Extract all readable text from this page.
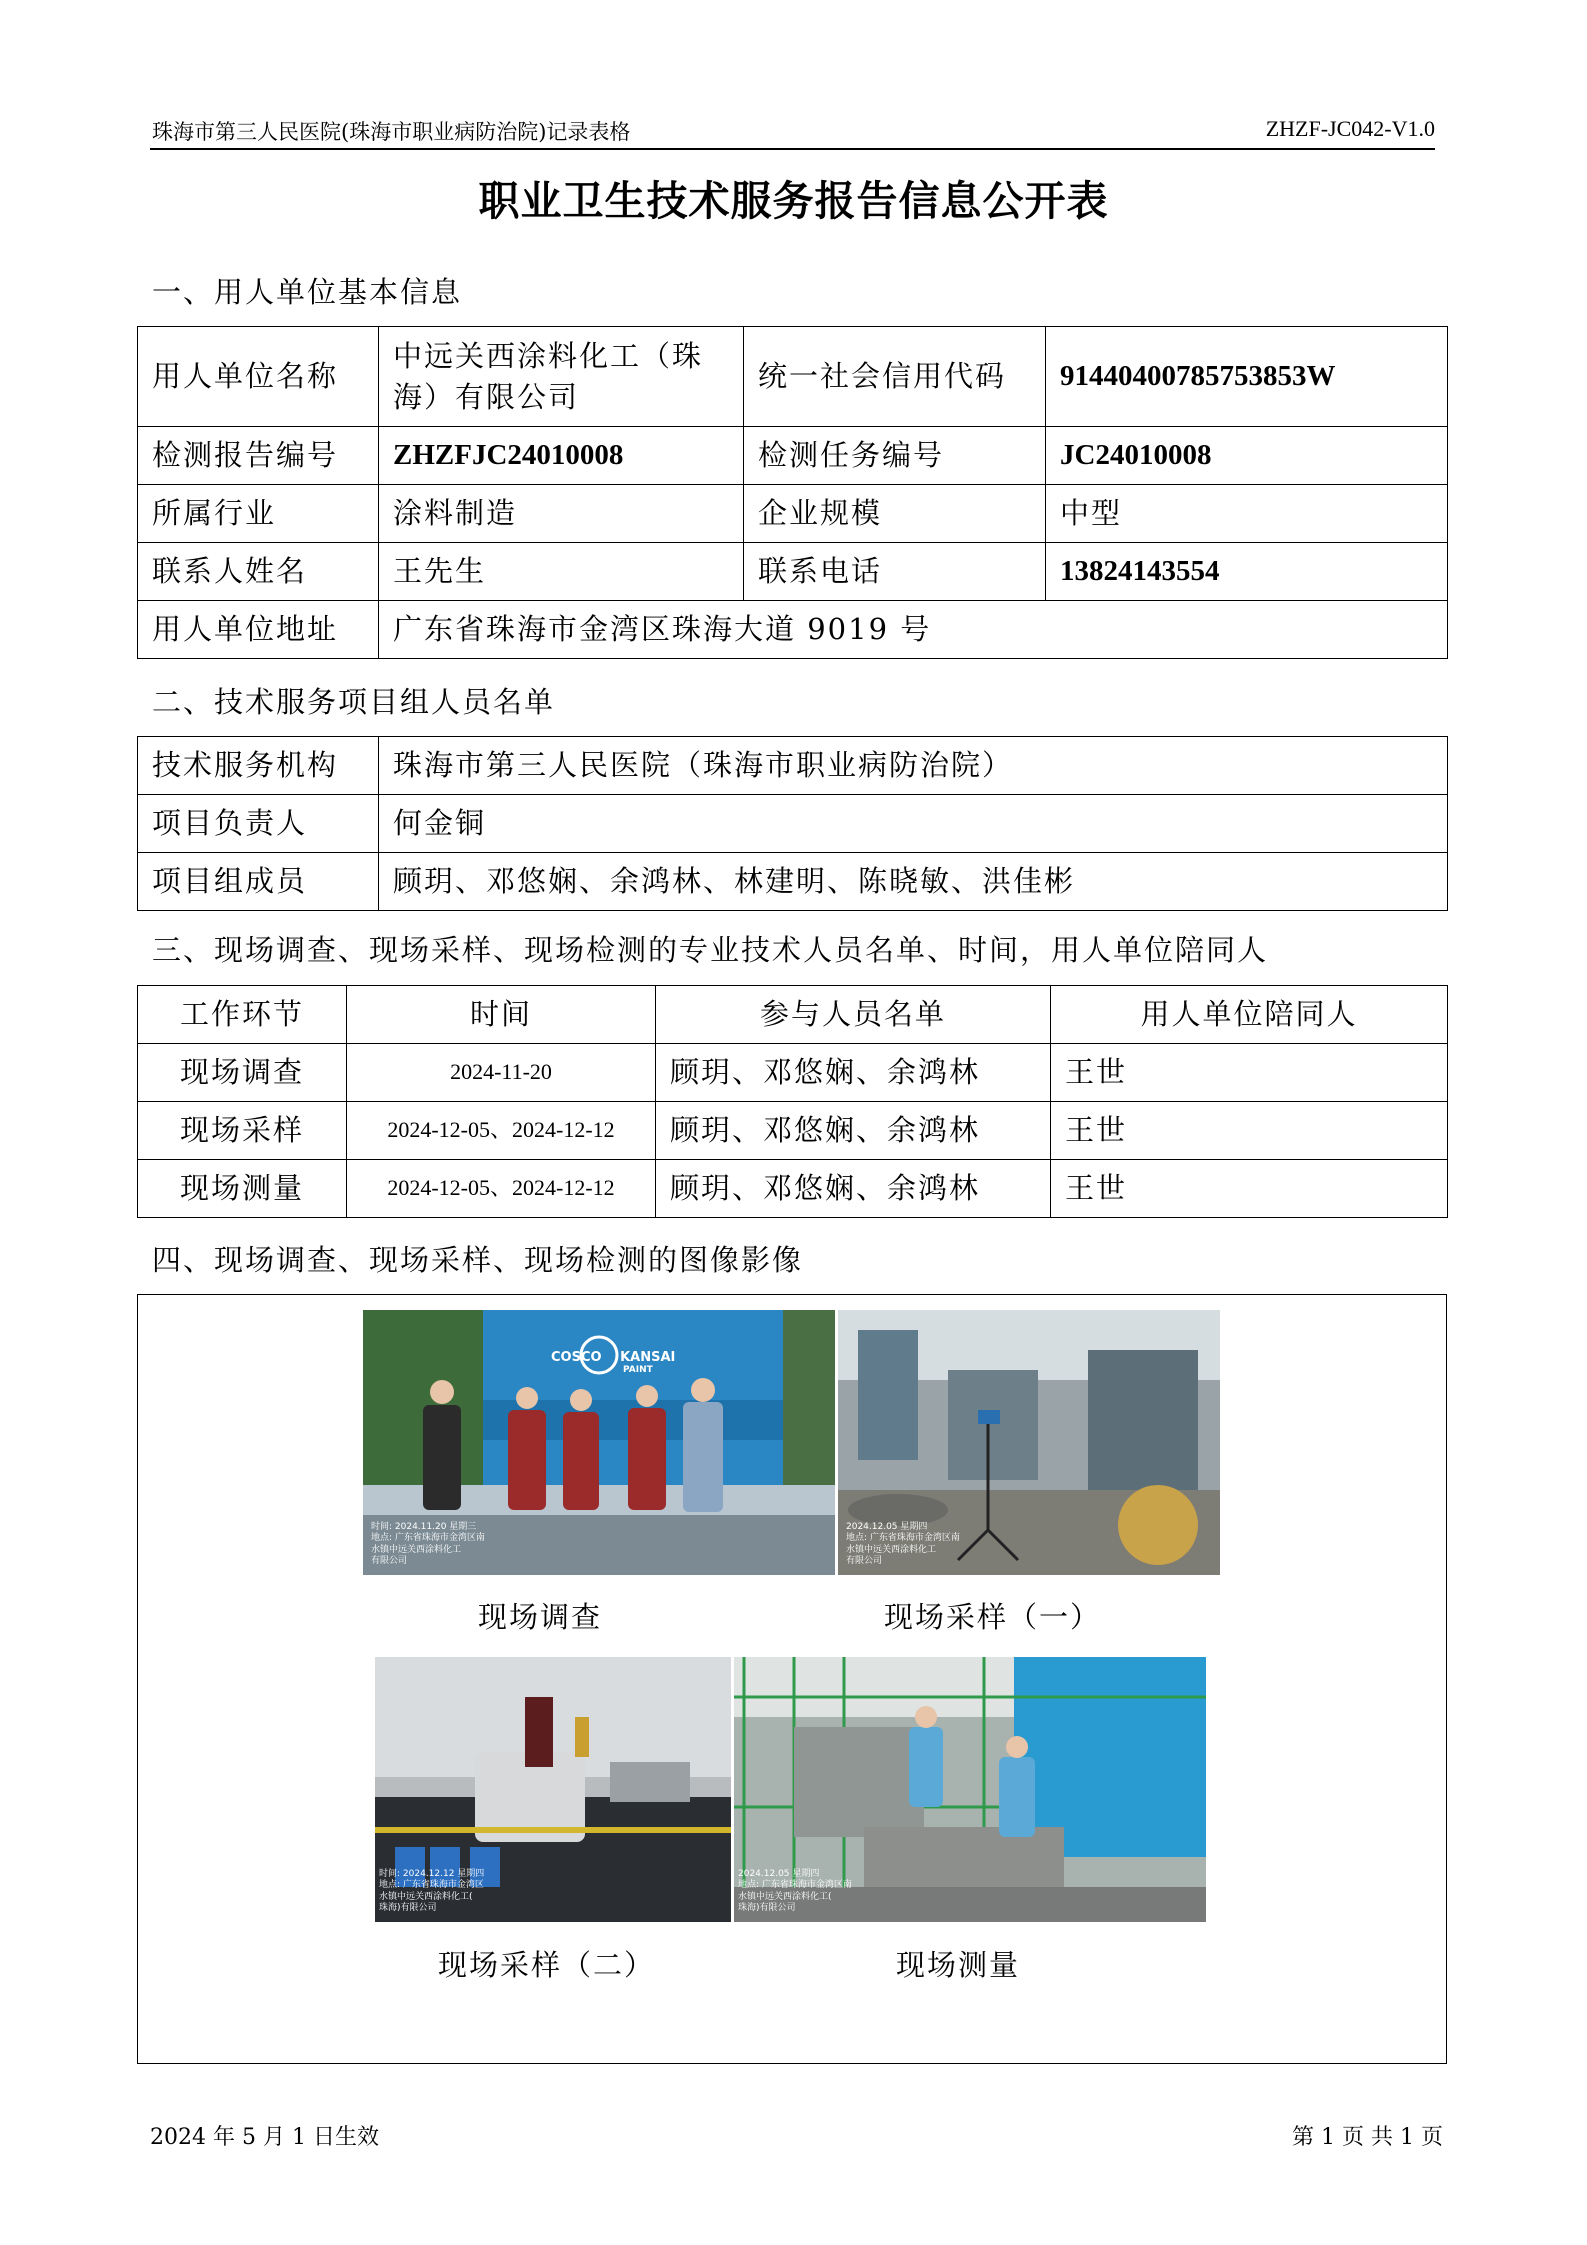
珠海市第三人民医院(珠海市职业病防治院)记录表格	ZHZF-JC042-V1.0
职业卫生技术服务报告信息公开表
一、用人单位基本信息
用人单位名称	中远关西涂料化工（珠海）有限公司	统一社会信用代码	91440400785753853W
检测报告编号	ZHZFJC24010008	检测任务编号	JC24010008
所属行业	涂料制造	企业规模	中型
联系人姓名	王先生	联系电话	13824143554
用人单位地址	广东省珠海市金湾区珠海大道 9019 号		
二、技术服务项目组人员名单
技术服务机构	珠海市第三人民医院（珠海市职业病防治院）
项目负责人	何金铜
项目组成员	顾玥、邓悠娴、余鸿林、林建明、陈晓敏、洪佳彬
三、现场调查、现场采样、现场检测的专业技术人员名单、时间，用人单位陪同人
工作环节	时间	参与人员名单	用人单位陪同人
现场调查	2024-11-20	顾玥、邓悠娴、余鸿林	王世
现场采样	2024-12-05、2024-12-12	顾玥、邓悠娴、余鸿林	王世
现场测量	2024-12-05、2024-12-12	顾玥、邓悠娴、余鸿林	王世
四、现场调查、现场采样、现场检测的图像影像
COSCO KANSAI
PAINT
时间: 2024.11.20 星期三
地点: 广东省珠海市金湾区南
水镇中远关西涂料化工
有限公司
2024.12.05 星期四
地点: 广东省珠海市金湾区南
水镇中远关西涂料化工
有限公司
现场调查	现场采样（一）
时间: 2024.12.12 星期四
地点: 广东省珠海市金湾区
水镇中远关西涂料化工(
珠海)有限公司
2024.12.05 星期四
地点: 广东省珠海市金湾区南
水镇中远关西涂料化工(
珠海)有限公司
现场采样（二）	现场测量
2024 年 5 月 1 日生效	第 1 页 共 1 页
